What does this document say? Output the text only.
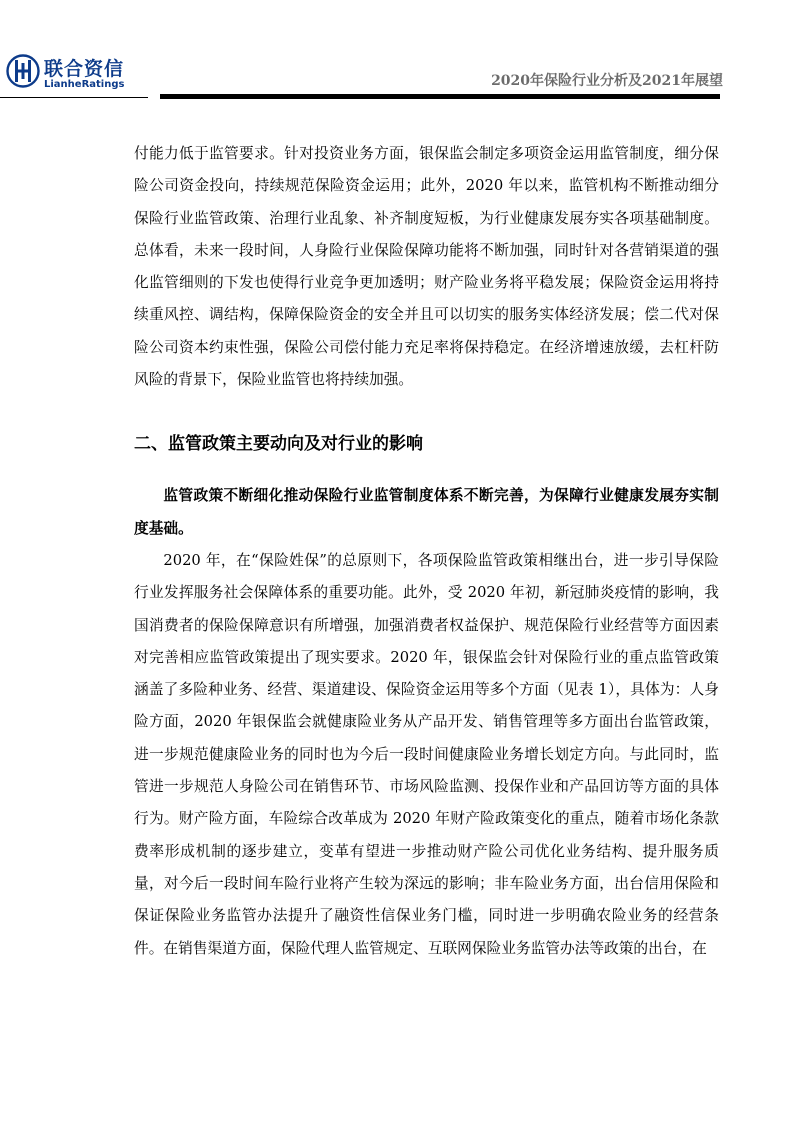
联合资信
LianheRatings	2020年保险行业分析及2021年展望

付能力低于监管要求。针对投资业务方面，银保监会制定多项资金运用监管制度，细分保险公司资金投向，持续规范保险资金运用；此外，2020 年以来，监管机构不断推动细分保险行业监管政策、治理行业乱象、补齐制度短板，为行业健康发展夯实各项基础制度。总体看，未来一段时间，人身险行业保险保障功能将不断加强，同时针对各营销渠道的强化监管细则的下发也使得行业竞争更加透明；财产险业务将平稳发展；保险资金运用将持续重风控、调结构，保障保险资金的安全并且可以切实的服务实体经济发展；偿二代对保险公司资本约束性强，保险公司偿付能力充足率将保持稳定。在经济增速放缓，去杠杆防风险的背景下，保险业监管也将持续加强。

二、监管政策主要动向及对行业的影响

监管政策不断细化推动保险行业监管制度体系不断完善，为保障行业健康发展夯实制度基础。

2020 年，在“保险姓保”的总原则下，各项保险监管政策相继出台，进一步引导保险行业发挥服务社会保障体系的重要功能。此外，受 2020 年初，新冠肺炎疫情的影响，我国消费者的保险保障意识有所增强，加强消费者权益保护、规范保险行业经营等方面因素对完善相应监管政策提出了现实要求。2020 年，银保监会针对保险行业的重点监管政策涵盖了多险种业务、经营、渠道建设、保险资金运用等多个方面（见表 1），具体为：人身险方面，2020 年银保监会就健康险业务从产品开发、销售管理等多方面出台监管政策，进一步规范健康险业务的同时也为今后一段时间健康险业务增长划定方向。与此同时，监管进一步规范人身险公司在销售环节、市场风险监测、投保作业和产品回访等方面的具体行为。财产险方面，车险综合改革成为 2020 年财产险政策变化的重点，随着市场化条款费率形成机制的逐步建立，变革有望进一步推动财产险公司优化业务结构、提升服务质量，对今后一段时间车险行业将产生较为深远的影响；非车险业务方面，出台信用保险和保证保险业务监管办法提升了融资性信保业务门槛，同时进一步明确农险业务的经营条件。在销售渠道方面，保险代理人监管规定、互联网保险业务监管办法等政策的出台，在
